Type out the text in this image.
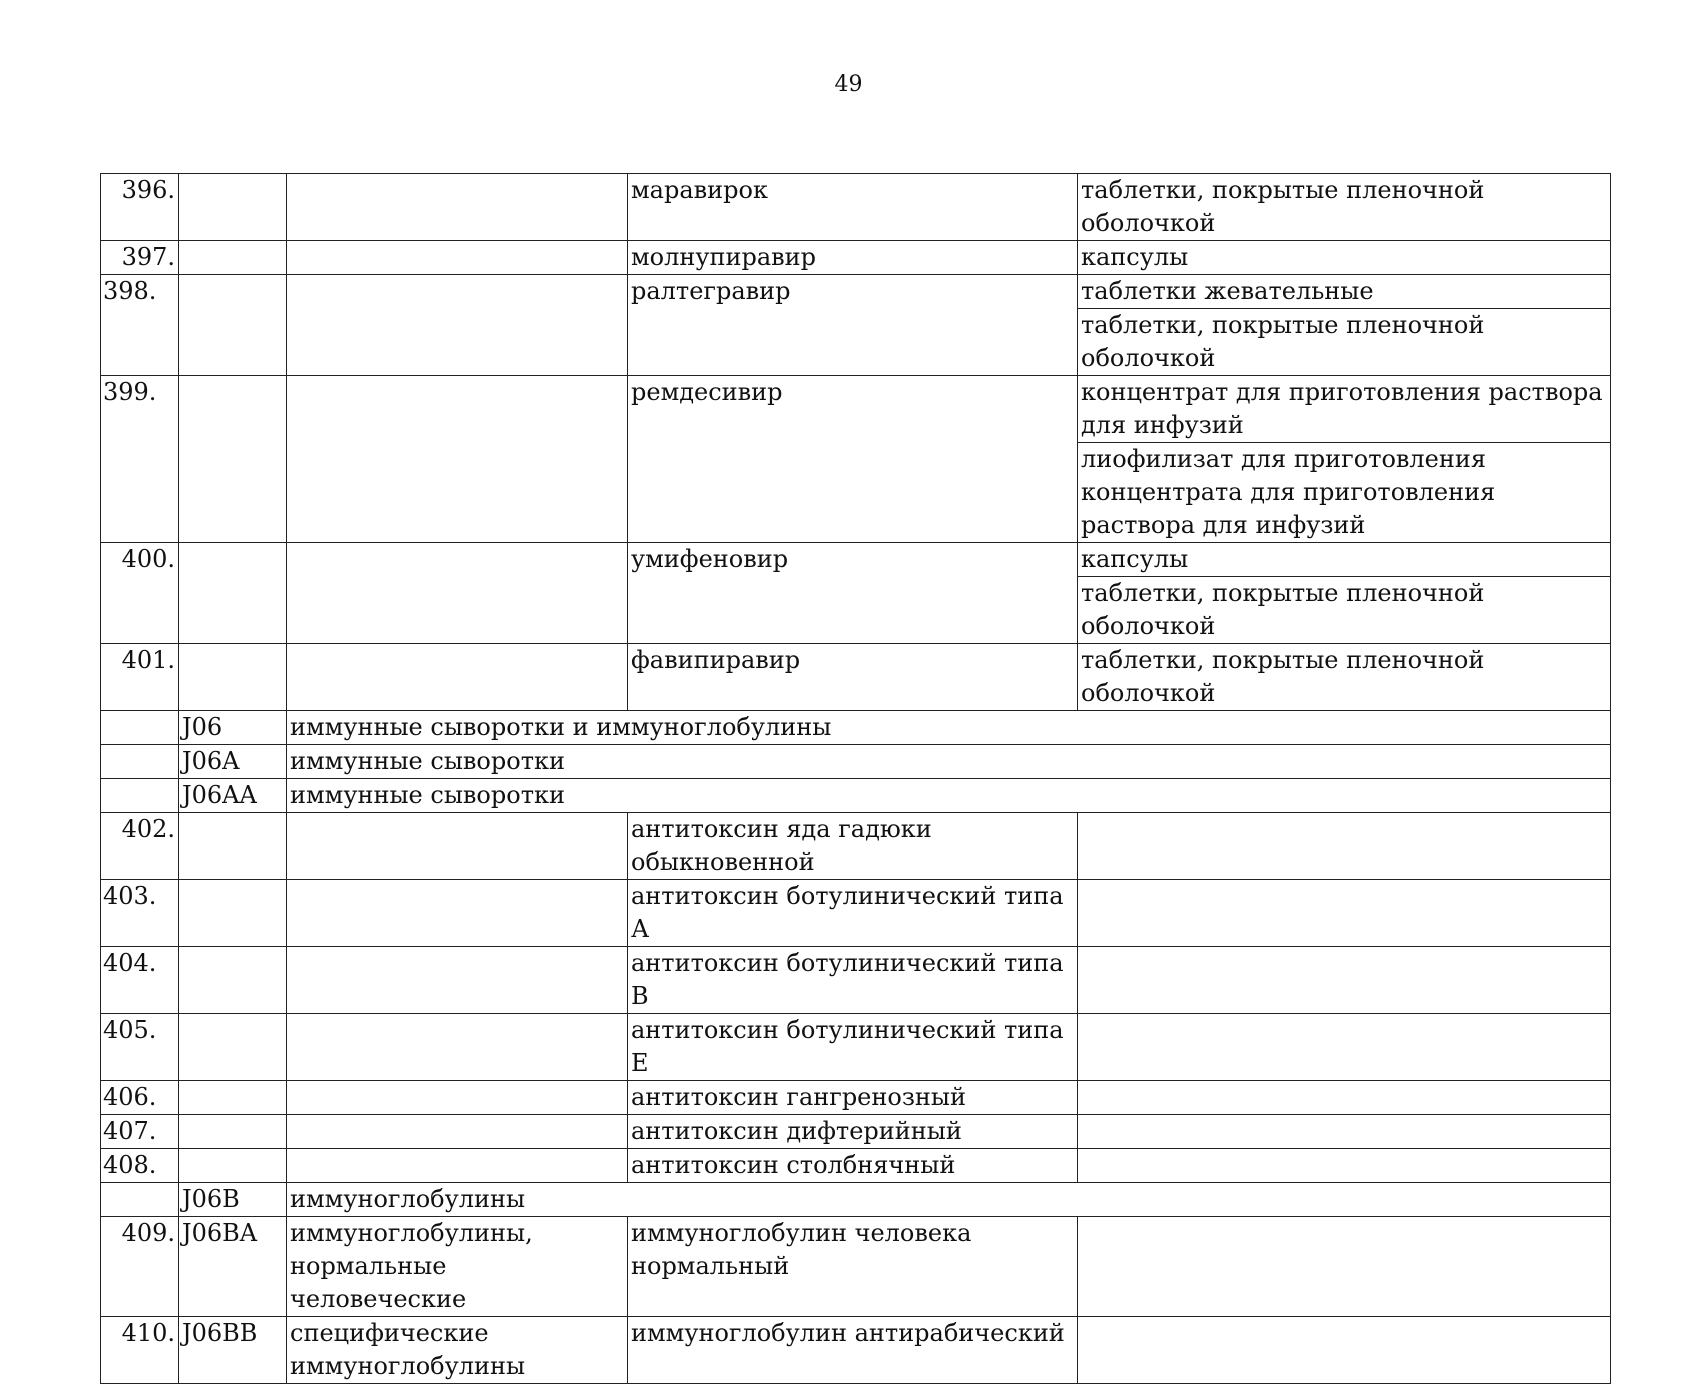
49
396.			маравирок	таблетки, покрытые пленочной оболочкой
397.			молнупиравир	капсулы
398.			ралтегравир	таблетки жевательные
				таблетки, покрытые пленочной оболочкой
399.			ремдесивир	концентрат для приготовления раствора для инфузий
				лиофилизат для приготовления концентрата для приготовления раствора для инфузий
400.			умифеновир	капсулы
				таблетки, покрытые пленочной оболочкой
401.			фавипиравир	таблетки, покрытые пленочной оболочкой
	J06	иммунные сыворотки и иммуноглобулины		
	J06A	иммунные сыворотки		
	J06AA	иммунные сыворотки		
402.			антитоксин яда гадюки обыкновенной	
403.			антитоксин ботулинический типа А	
404.			антитоксин ботулинический типа В	
405.			антитоксин ботулинический типа Е	
406.			антитоксин гангренозный	
407.			антитоксин дифтерийный	
408.			антитоксин столбнячный	
	J06B	иммуноглобулины		
409.	J06BA	иммуноглобулины, нормальные человеческие	иммуноглобулин человека нормальный	
410.	J06BB	специфические иммуноглобулины	иммуноглобулин антирабический	
